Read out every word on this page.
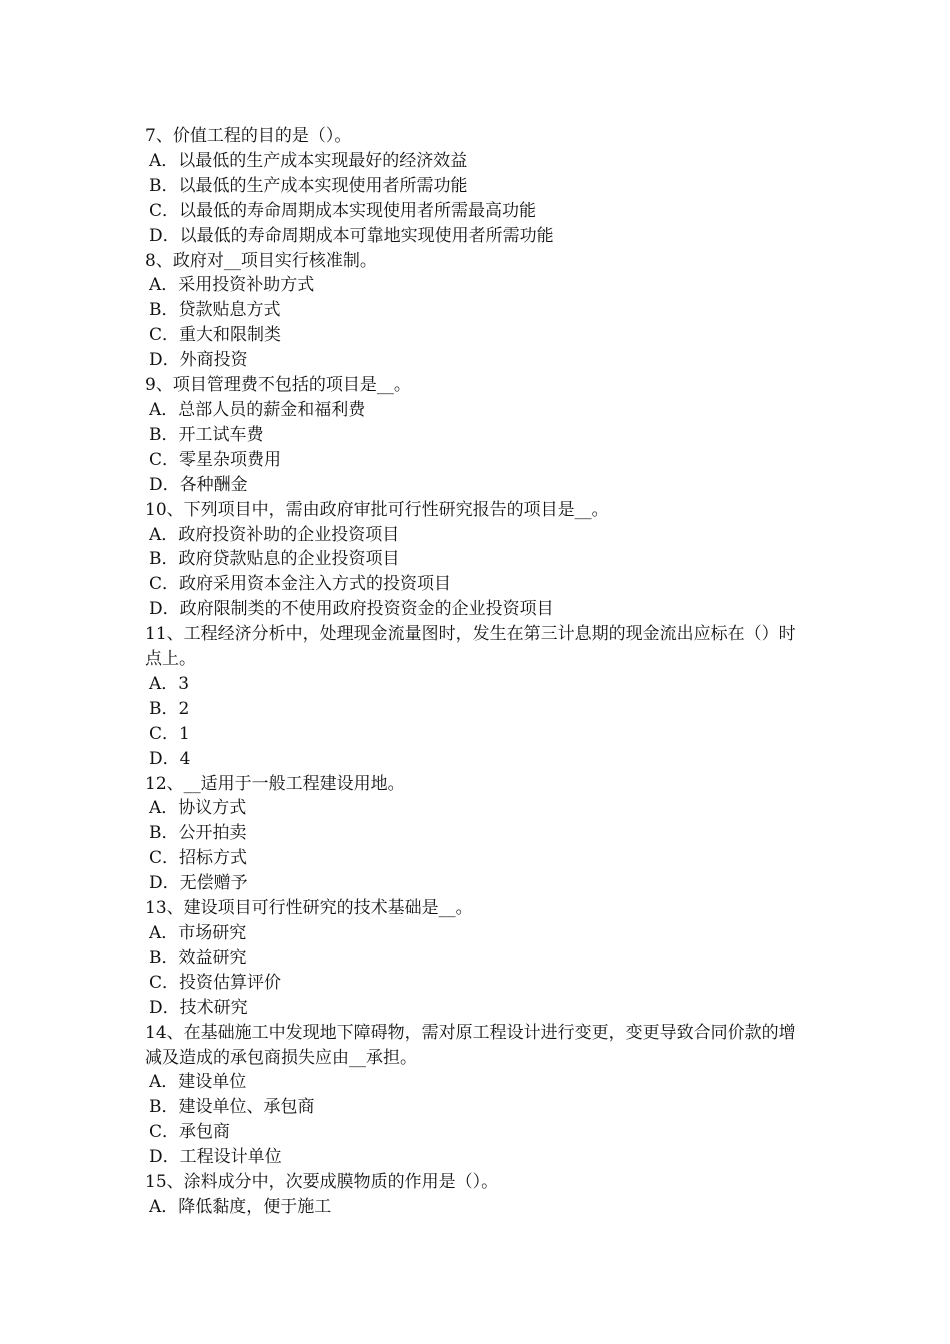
7、价值工程的目的是（）。
A．以最低的生产成本实现最好的经济效益
B．以最低的生产成本实现使用者所需功能
C．以最低的寿命周期成本实现使用者所需最高功能
D．以最低的寿命周期成本可靠地实现使用者所需功能
8、政府对__项目实行核准制。
A．采用投资补助方式
B．贷款贴息方式
C．重大和限制类
D．外商投资
9、项目管理费不包括的项目是__。
A．总部人员的薪金和福利费
B．开工试车费
C．零星杂项费用
D．各种酬金
10、下列项目中，需由政府审批可行性研究报告的项目是__。
A．政府投资补助的企业投资项目
B．政府贷款贴息的企业投资项目
C．政府采用资本金注入方式的投资项目
D．政府限制类的不使用政府投资资金的企业投资项目
11、工程经济分析中，处理现金流量图时，发生在第三计息期的现金流出应标在（）时点上。
A．3
B．2
C．1
D．4
12、__适用于一般工程建设用地。
A．协议方式
B．公开拍卖
C．招标方式
D．无偿赠予
13、建设项目可行性研究的技术基础是__。
A．市场研究
B．效益研究
C．投资估算评价
D．技术研究
14、在基础施工中发现地下障碍物，需对原工程设计进行变更，变更导致合同价款的增减及造成的承包商损失应由__承担。
A．建设单位
B．建设单位、承包商
C．承包商
D．工程设计单位
15、涂料成分中，次要成膜物质的作用是（）。
A．降低黏度，便于施工
